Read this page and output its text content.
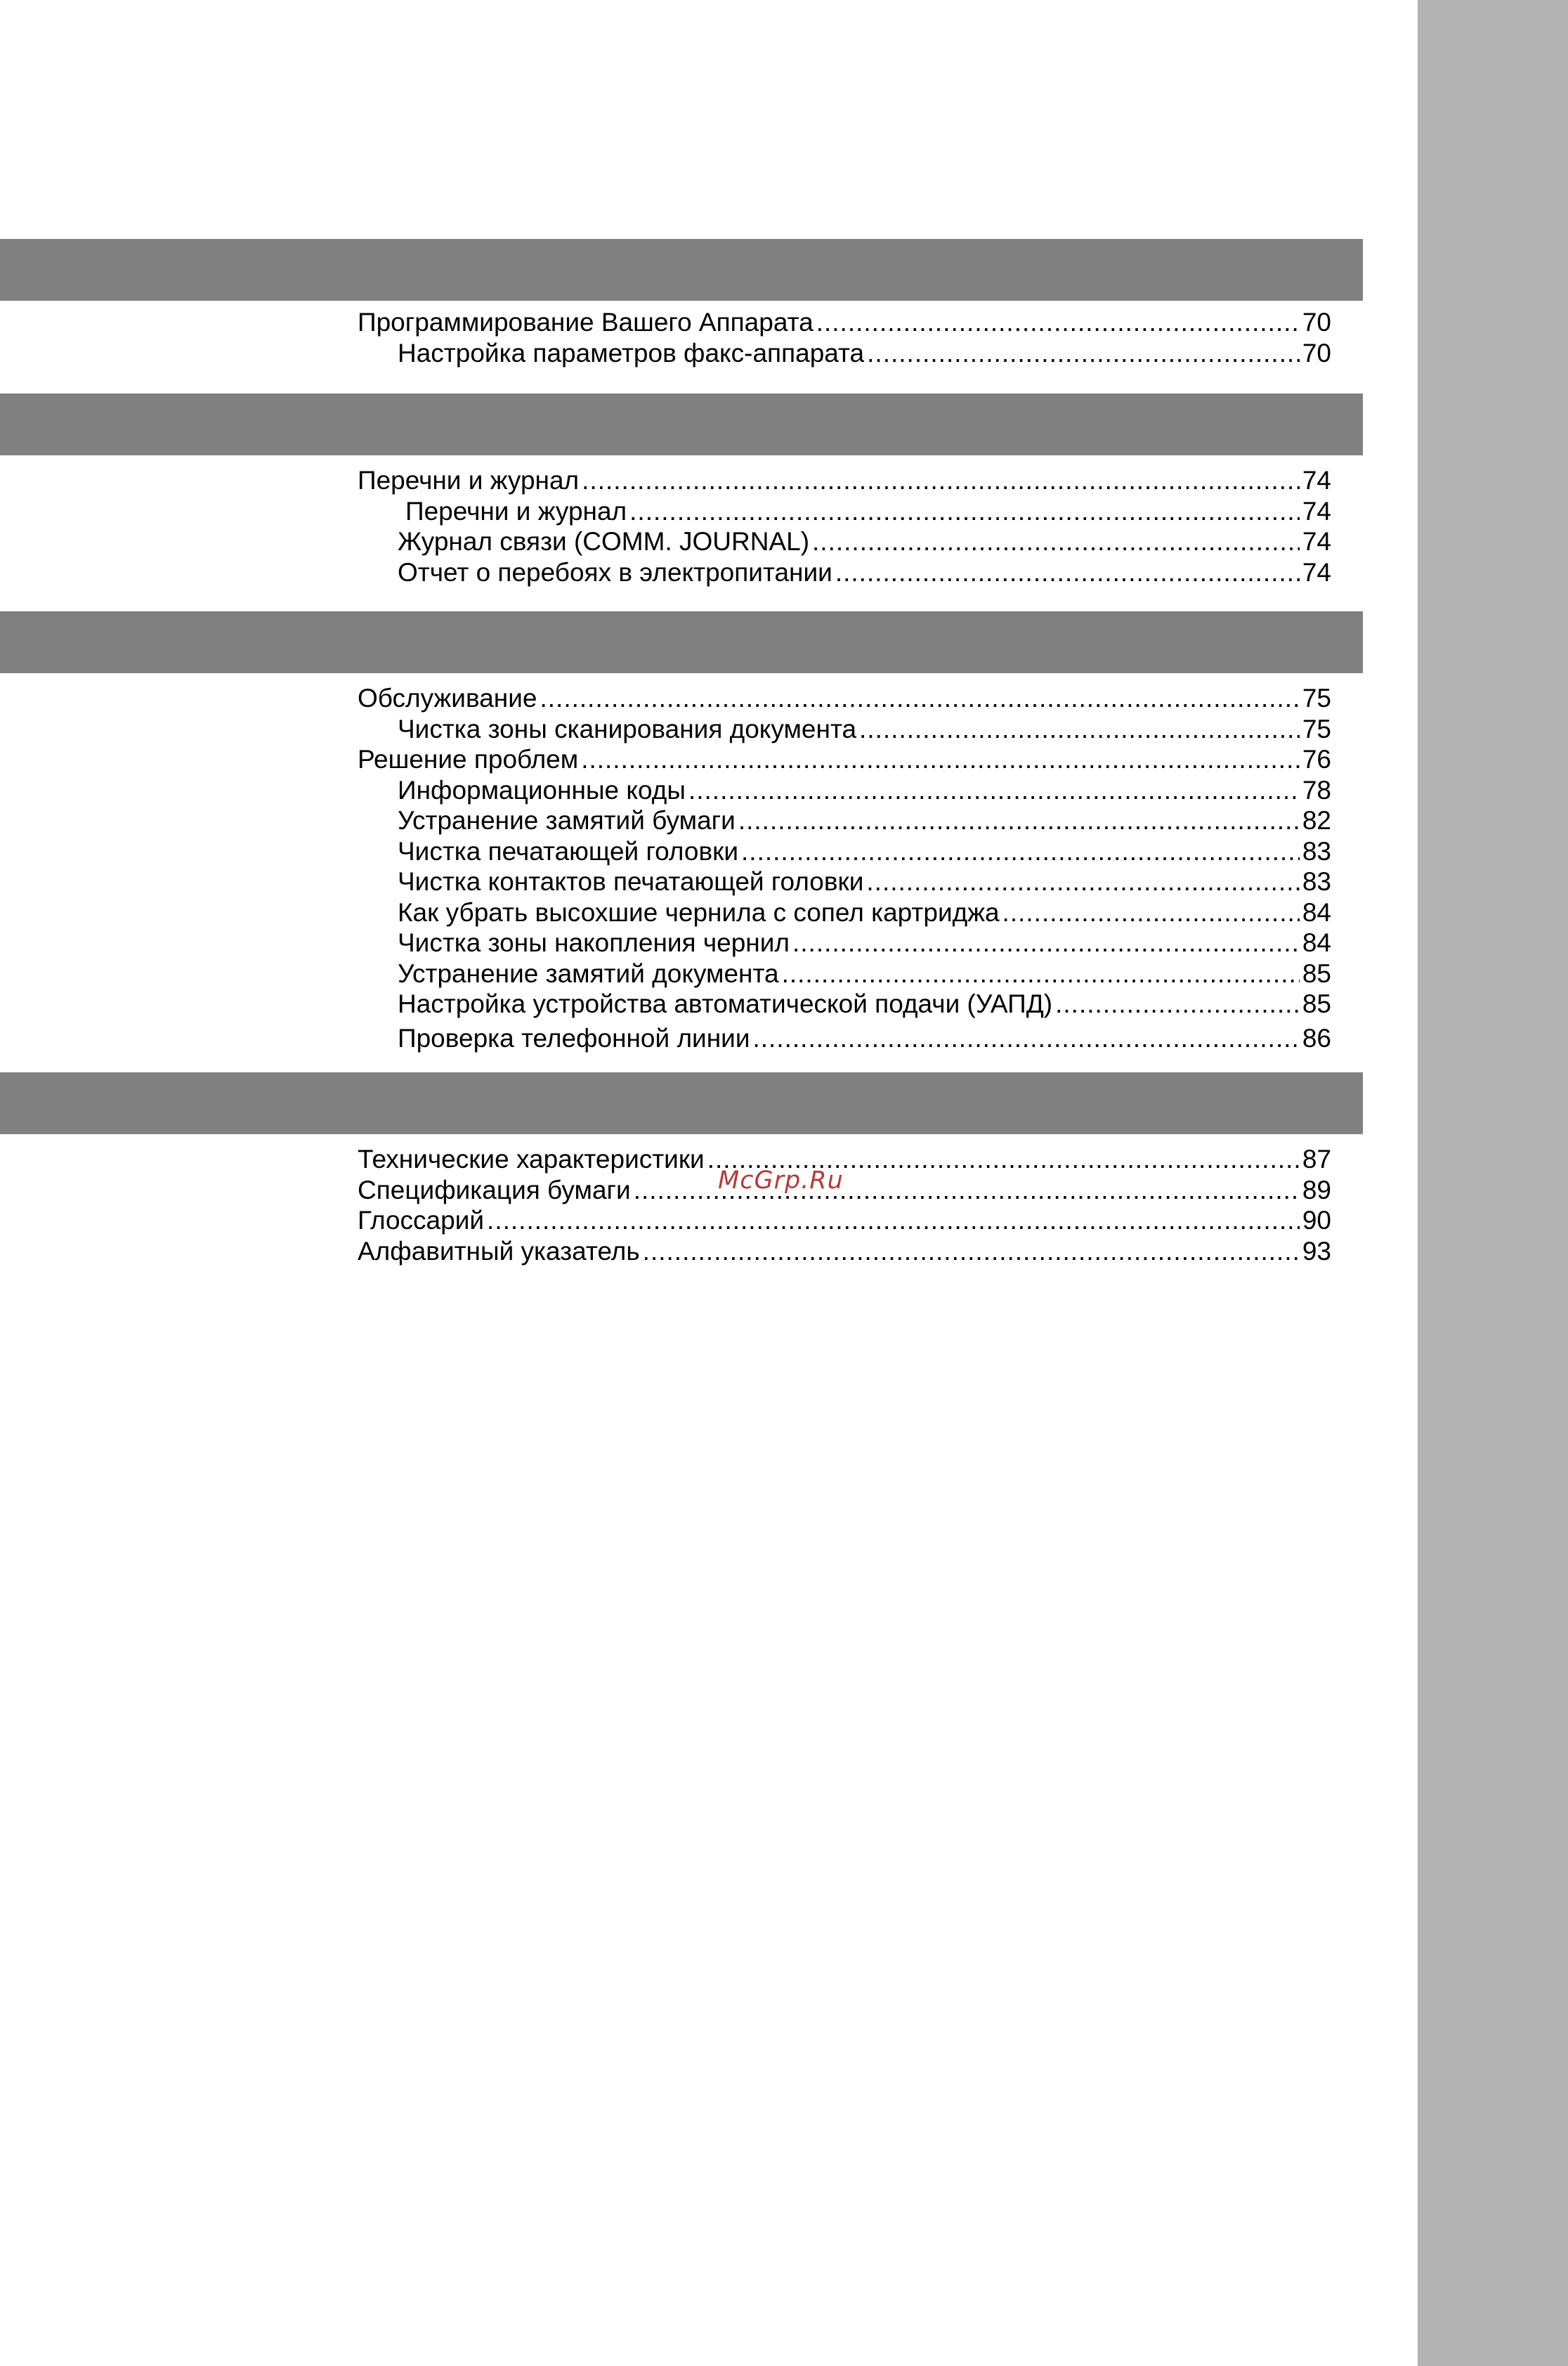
Программирование Вашего Аппарата .....	70
Настройка параметров факс-аппарата .....	70
Перечни и журнал .....	74
Перечни и журнал .....	74
Журнал связи (COMM. JOURNAL) .....	74
Отчет о перебоях в электропитании .....	74
Обслуживание .....	75
Чистка зоны сканирования документа .....	75
Решение проблем .....	76
Информационные коды .....	78
Устранение замятий бумаги .....	82
Чистка печатающей головки .....	83
Чистка контактов печатающей головки .....	83
Как убрать высохшие чернила с сопел картриджа .....	84
Чистка зоны накопления чернил .....	84
Устранение замятий документа .....	85
Настройка устройства автоматической подачи (УАПД) .....	85
Проверка телефонной линии .....	86
Технические характеристики .....	87
Спецификация бумаги .....	89
Глоссарий .....	90
Алфавитный указатель .....	93
McGrp.Ru
